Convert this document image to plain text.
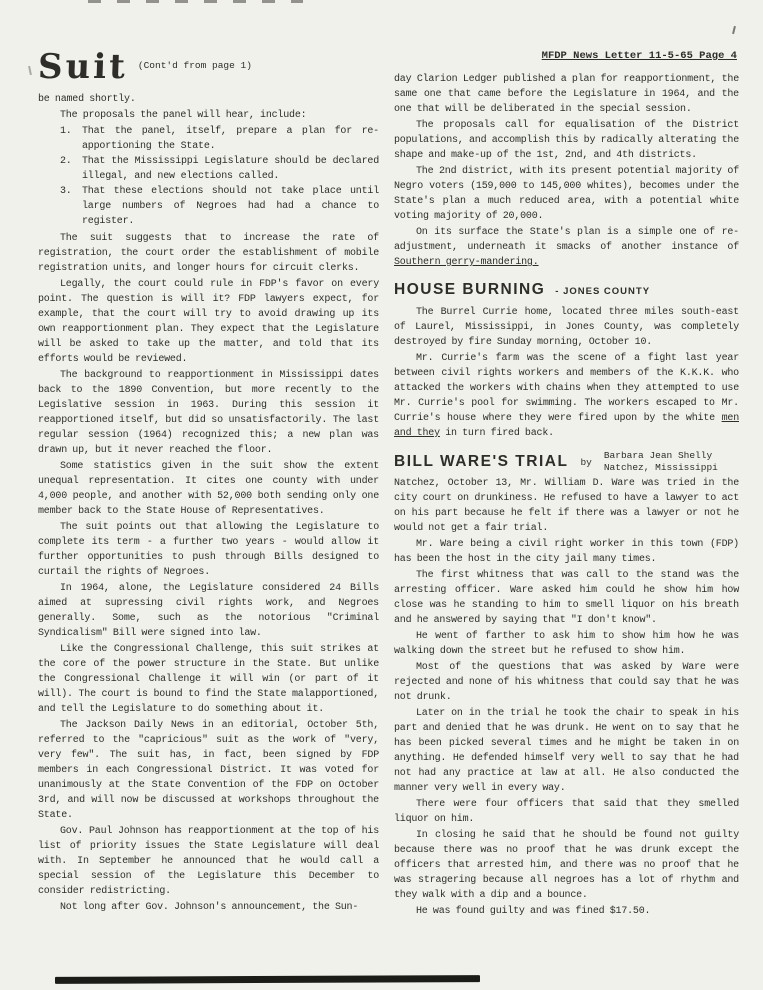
Suit (Cont'd from page 1)

be named shortly.

The proposals the panel will hear, include:

1.	That the panel, itself, prepare a plan for re-apportioning the State.
2.	That the Mississippi Legislature should be declared illegal, and new elections called.
3.	That these elections should not take place until large numbers of Negroes had had a chance to register.

The suit suggests that to increase the rate of registration, the court order the establishment of mobile registration units, and longer hours for circuit clerks.

Legally, the court could rule in FDP's favor on every point. The question is will it? FDP lawyers expect, for example, that the court will try to avoid drawing up its own reapportionment plan. They expect that the Legislature will be asked to take up the matter, and told that its efforts would be reviewed.

The background to reapportionment in Mississippi dates back to the 1890 Convention, but more recently to the Legislative session in 1963. During this session it reapportioned itself, but did so unsatisfactorily. The last regular session (1964) recognized this; a new plan was drawn up, but it never reached the floor.

Some statistics given in the suit show the extent unequal representation. It cites one county with under 4,000 people, and another with 52,000 both sending only one member back to the State House of Representatives.

The suit points out that allowing the Legislature to complete its term - a further two years - would allow it further opportunities to push through Bills designed to curtail the rights of Negroes.

In 1964, alone, the Legislature considered 24 Bills aimed at supressing civil rights work, and Negroes generally. Some, such as the notorious "Criminal Syndicalism" Bill were signed into law.

Like the Congressional Challenge, this suit strikes at the core of the power structure in the State. But unlike the Congressional Challenge it will win (or part of it will). The court is bound to find the State malapportioned, and tell the Legislature to do something about it.

The Jackson Daily News in an editorial, October 5th, referred to the "capricious" suit as the work of "very, very few". The suit has, in fact, been signed by FDP members in each Congressional District. It was voted for unanimously at the State Convention of the FDP on October 3rd, and will now be discussed at workshops throughout the State.

Gov. Paul Johnson has reapportionment at the top of his list of priority issues the State Legislature will deal with. In September he announced that he would call a special session of the Legislature this December to consider redistricting.

Not long after Gov. Johnson's announcement, the Sun-

MFDP News Letter 11-5-65 Page 4

day Clarion Ledger published a plan for reapportionment, the same one that came before the Legislature in 1964, and the one that will be deliberated in the special session.

The proposals call for equalisation of the District populations, and accomplish this by radically alterating the shape and make-up of the 1st, 2nd, and 4th districts.

The 2nd district, with its present potential majority of Negro voters (159,000 to 145,000 whites), becomes under the State's plan a much reduced area, with a potential white voting majority of 20,000.

On its surface the State's plan is a simple one of re-adjustment, underneath it smacks of another instance of Southern gerry-mandering.

HOUSE BURNING - JONES COUNTY

The Burrel Currie home, located three miles south-east of Laurel, Mississippi, in Jones County, was completely destroyed by fire Sunday morning, October 10.

Mr. Currie's farm was the scene of a fight last year between civil rights workers and members of the K.K.K. who attacked the workers with chains when they attempted to use Mr. Currie's pool for swimming. The workers escaped to Mr. Currie's house where they were fired upon by the white men and they in turn fired back.

BILL WARE'S TRIAL by
Barbara Jean Shelly
Natchez, Mississippi

Natchez, October 13, Mr. William D. Ware was tried in the city court on drunkiness. He refused to have a lawyer to act on his part because he felt if there was a lawyer or not he would not get a fair trial.

Mr. Ware being a civil right worker in this town (FDP) has been the host in the city jail many times.

The first whitness that was call to the stand was the arresting officer. Ware asked him could he show him how close was he standing to him to smell liquor on his breath and he answered by saying that "I don't know".

He went of farther to ask him to show him how he was walking down the street but he refused to show him.

Most of the questions that was asked by Ware were rejected and none of his whitness that could say that he was not drunk.

Later on in the trial he took the chair to speak in his part and denied that he was drunk. He went on to say that he has been picked several times and he might be taken in on anything. He defended himself very well to say that he had not had any practice at law at all. He also conducted the manner very well in every way.

There were four officers that said that they smelled liquor on him.

In closing he said that he should be found not guilty because there was no proof that he was drunk except the officers that arrested him, and there was no proof that he was stragering because all negroes has a lot of rhythm and they walk with a dip and a bounce.

He was found guilty and was fined $17.50.
